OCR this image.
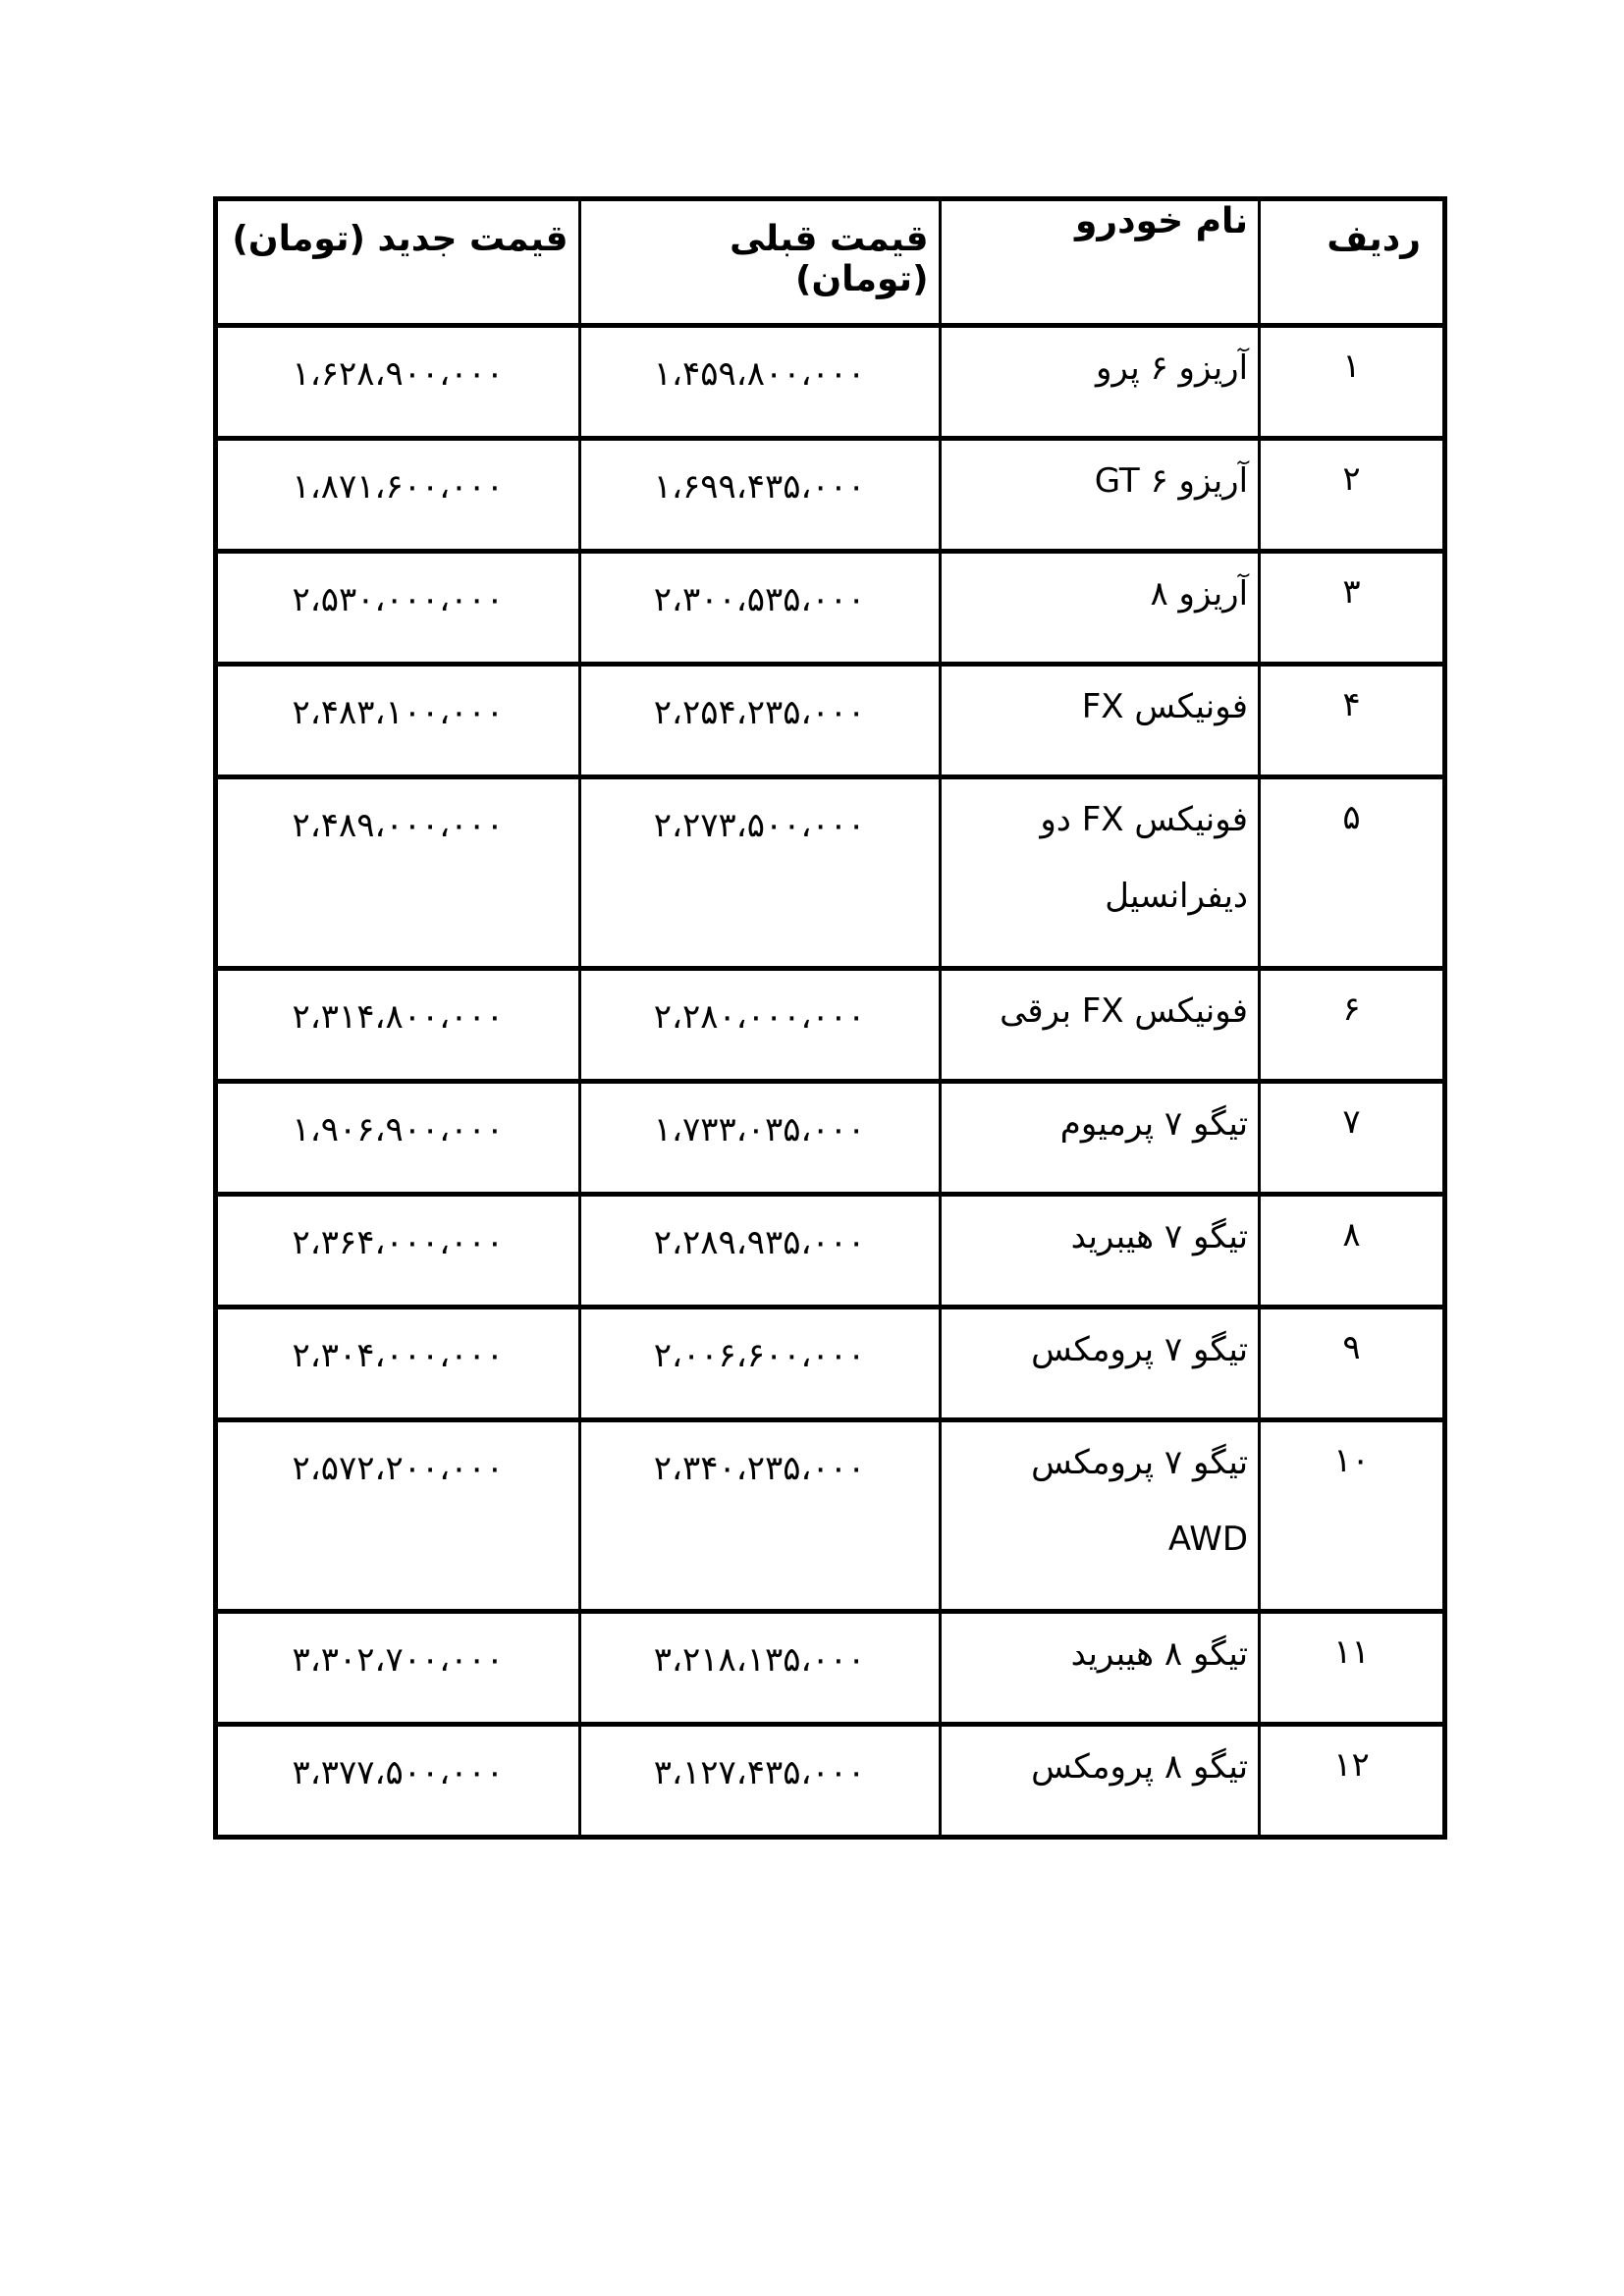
ردیف	نام خودرو	قیمت قبلی (تومان)	قیمت جدید (تومان)
۱	آریزو ۶ پرو	۱،۴۵۹،۸۰۰،۰۰۰	۱،۶۲۸،۹۰۰،۰۰۰
۲	آریزو ۶ GT	۱،۶۹۹،۴۳۵،۰۰۰	۱،۸۷۱،۶۰۰،۰۰۰
۳	آریزو ۸	۲،۳۰۰،۵۳۵،۰۰۰	۲،۵۳۰،۰۰۰،۰۰۰
۴	فونیکس FX	۲،۲۵۴،۲۳۵،۰۰۰	۲،۴۸۳،۱۰۰،۰۰۰
۵	فونیکس FX دو دیفرانسیل	۲،۲۷۳،۵۰۰،۰۰۰	۲،۴۸۹،۰۰۰،۰۰۰
۶	فونیکس FX برقی	۲،۲۸۰،۰۰۰،۰۰۰	۲،۳۱۴،۸۰۰،۰۰۰
۷	تیگو ۷ پرمیوم	۱،۷۳۳،۰۳۵،۰۰۰	۱،۹۰۶،۹۰۰،۰۰۰
۸	تیگو ۷ هیبرید	۲،۲۸۹،۹۳۵،۰۰۰	۲،۳۶۴،۰۰۰،۰۰۰
۹	تیگو ۷ پرومکس	۲،۰۰۶،۶۰۰،۰۰۰	۲،۳۰۴،۰۰۰،۰۰۰
۱۰	تیگو ۷ پرومکس AWD	۲،۳۴۰،۲۳۵،۰۰۰	۲،۵۷۲،۲۰۰،۰۰۰
۱۱	تیگو ۸ هیبرید	۳،۲۱۸،۱۳۵،۰۰۰	۳،۳۰۲،۷۰۰،۰۰۰
۱۲	تیگو ۸ پرومکس	۳،۱۲۷،۴۳۵،۰۰۰	۳،۳۷۷،۵۰۰،۰۰۰
